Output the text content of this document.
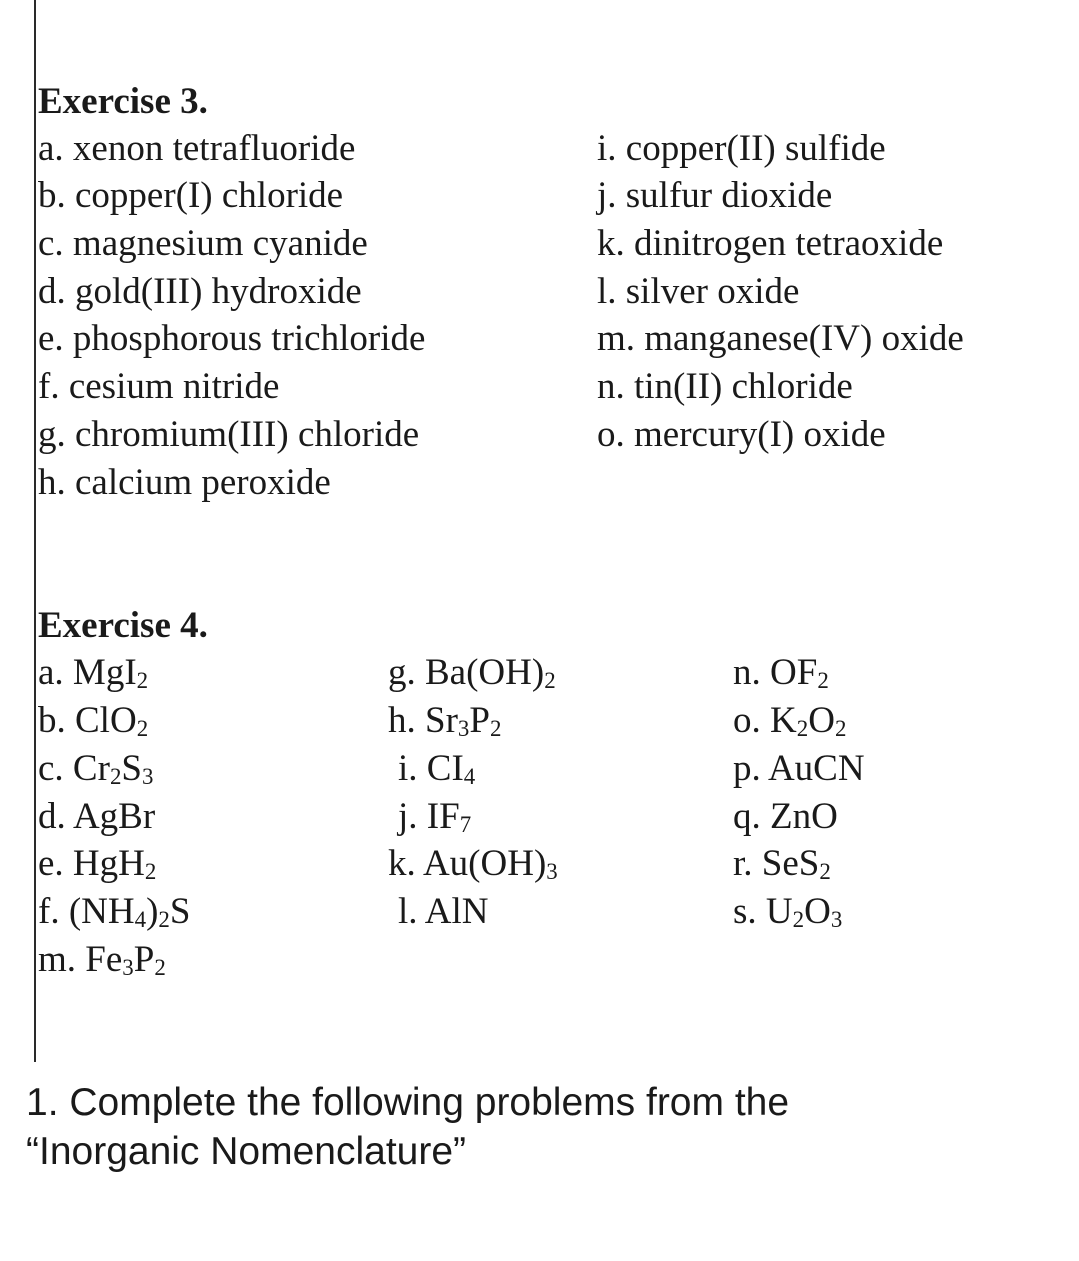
Exercise 3.
a. xenon tetrafluoride
b. copper(I) chloride
c. magnesium cyanide
d. gold(III) hydroxide
e. phosphorous trichloride
f. cesium nitride
g. chromium(III) chloride
h. calcium peroxide
i. copper(II) sulfide
j. sulfur dioxide
k. dinitrogen tetraoxide
l. silver oxide
m. manganese(IV) oxide
n. tin(II) chloride
o. mercury(I) oxide
Exercise 4.
a. MgI$_2$
b. ClO$_2$
c. $Cr_2S_3$
d. AgBr
e. HgH$_2$
f. $(NH_4)_2S$
m. $Fe_3P_2$
g. $Ba(OH)_2$
h. $Sr_3P_2$
i. $CI_4$
j. $IF_7$
k. $Au(OH)_3$
l. AlN
n. $OF_2$
o. $K_2O_2$
p. AuCN
q. ZnO
r. SeS$_2$
s. $U_2O_3$
1. Complete the following problems from the
“Inorganic Nomenclature”
